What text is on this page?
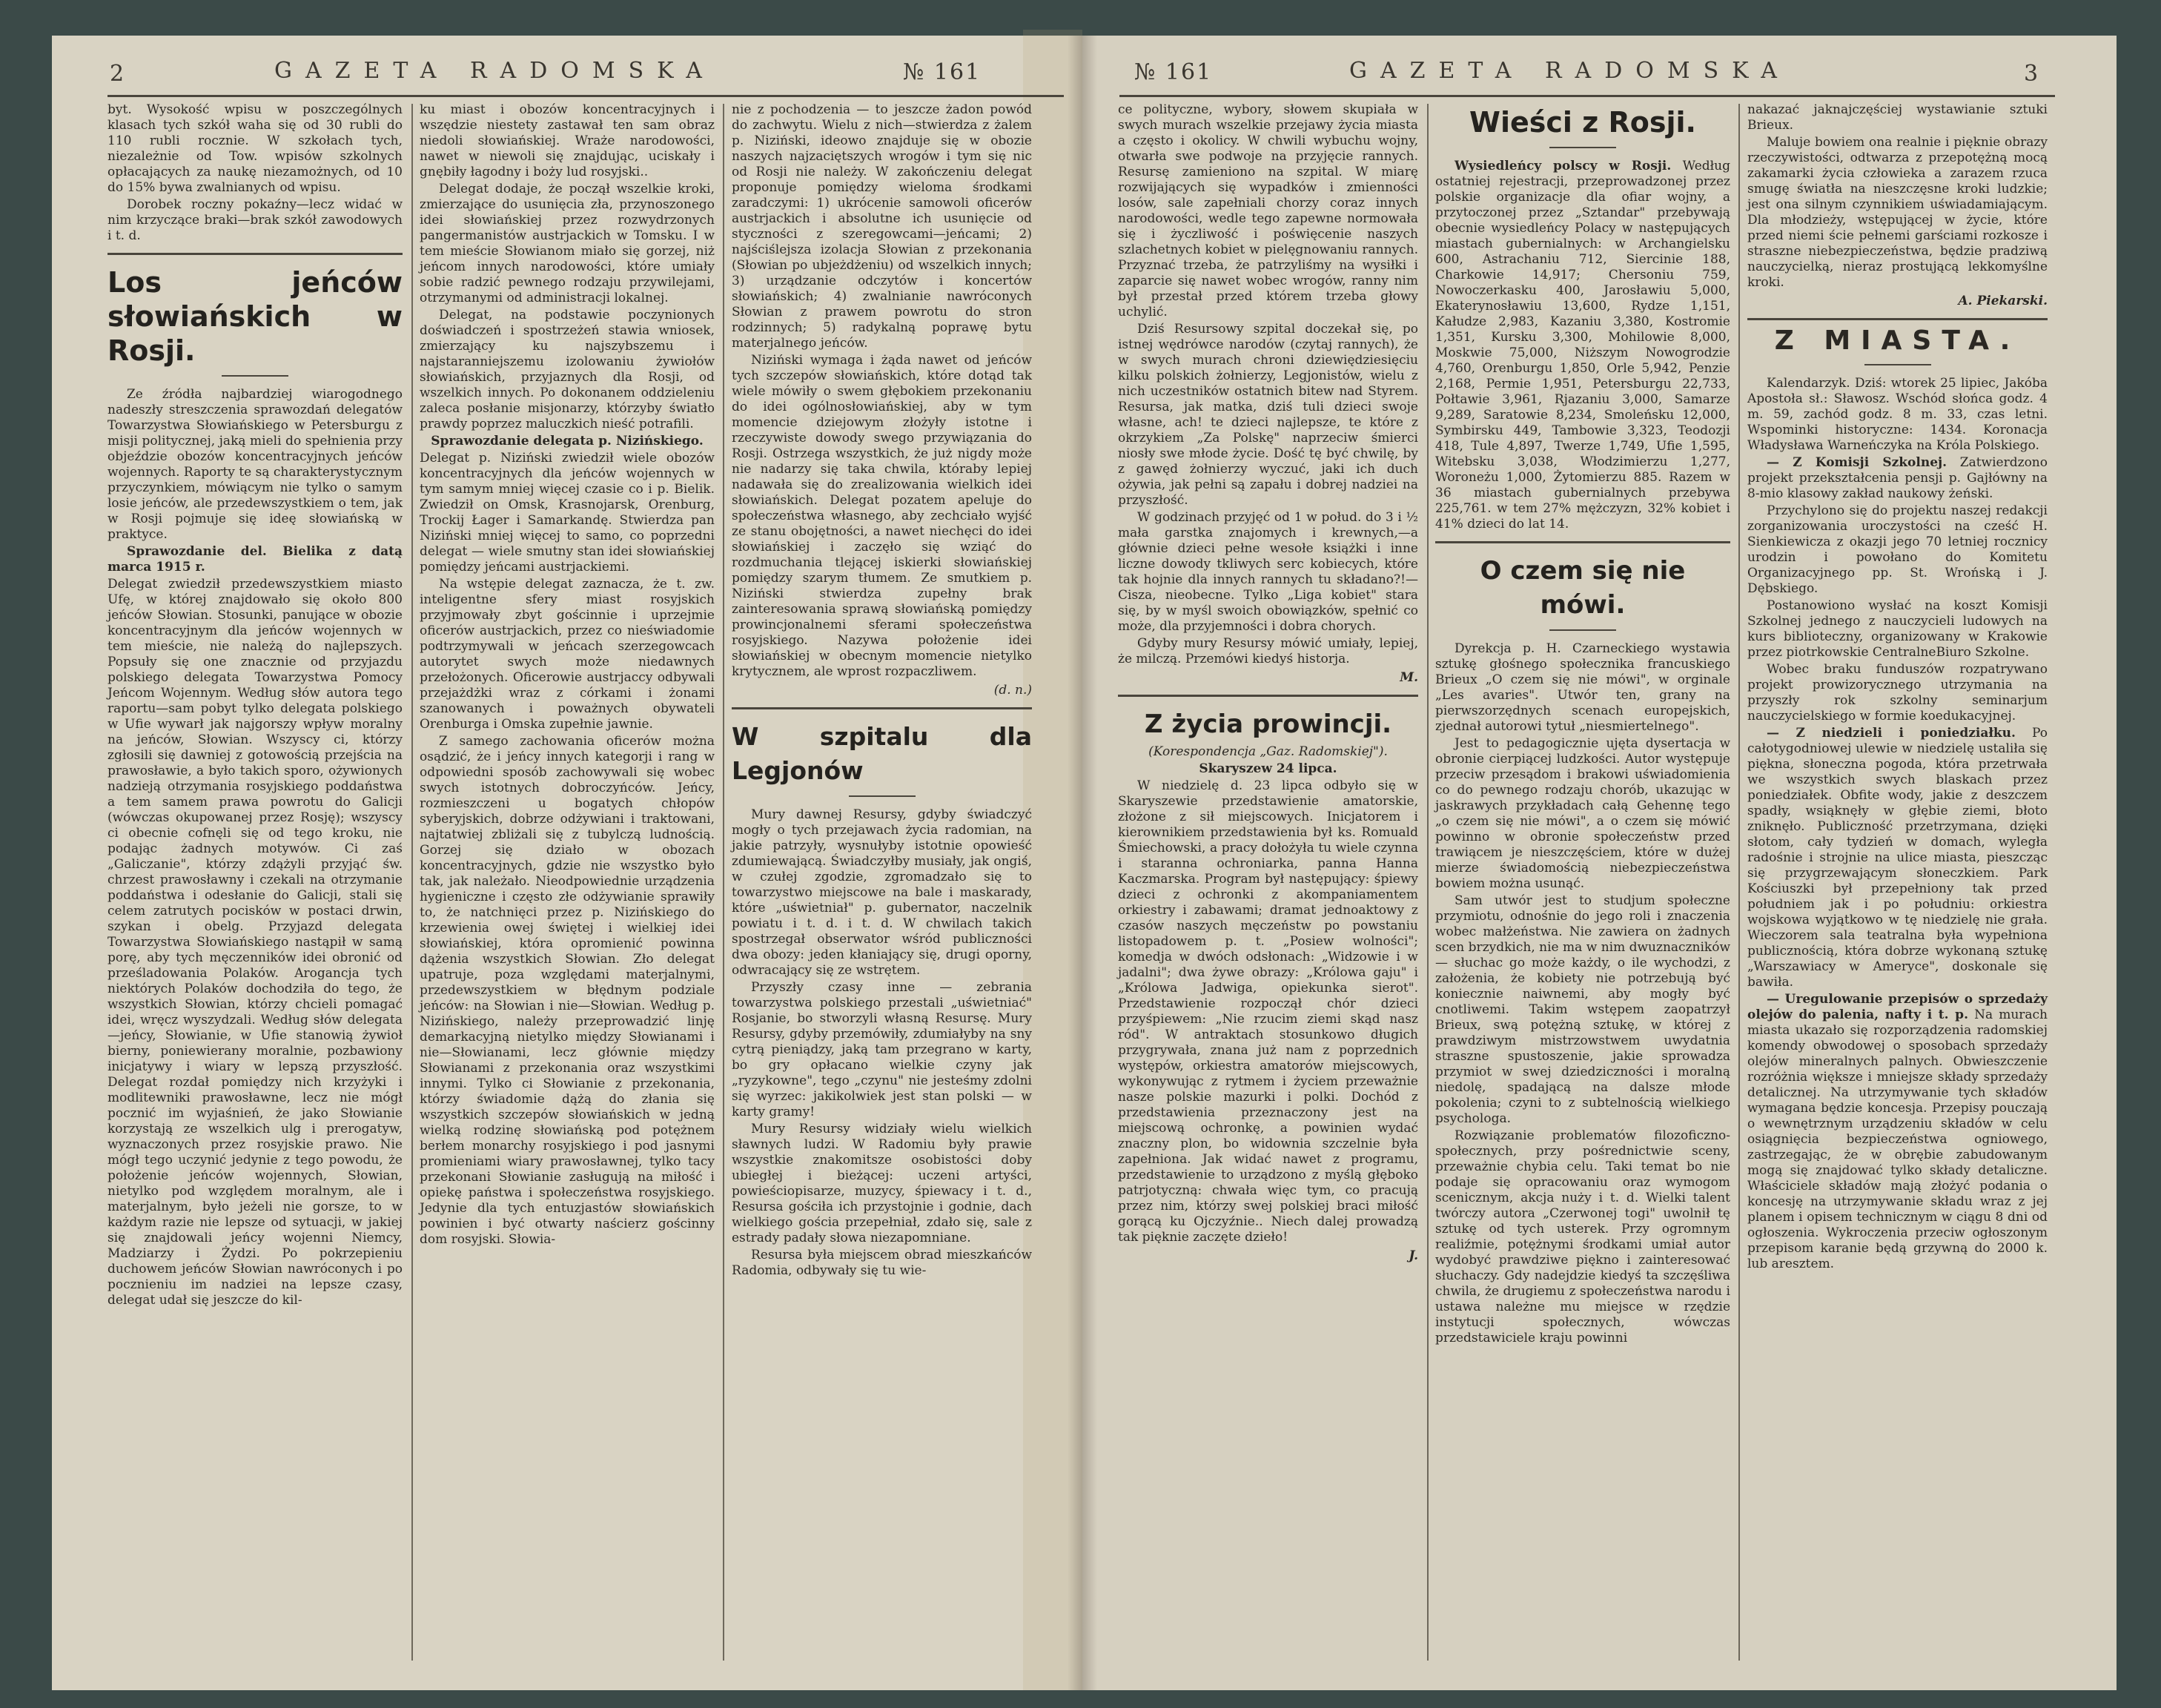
2	GAZETA RADOMSKA	№ 161	№ 161	GAZETA RADOMSKA	3

byt. Wysokość wpisu w poszczególnych klasach tych szkół waha się od 30 rubli do 110 rubli rocznie. W szkołach tych, niezależnie od Tow. wpisów szkolnych opłacających za naukę niezamożnych, od 10 do 15% bywa zwalnianych od wpisu.

Dorobek roczny pokaźny—lecz widać w nim krzyczące braki—brak szkół zawodowych i t. d.

Los jeńców słowiańskich w Rosji.

Ze źródła najbardziej wiarogodnego nadeszły streszczenia sprawozdań delegatów Towarzystwa Słowiańskiego w Petersburgu z misji politycznej, jaką mieli do spełnienia przy objeździe obozów koncentracyjnych jeńców wojennych. Raporty te są charakterystycznym przyczynkiem, mówiącym nie tylko o samym losie jeńców, ale przedewszystkiem o tem, jak w Rosji pojmuje się ideę słowiańską w praktyce.

Sprawozdanie del. Bielika z datą marca 1915 r.

Delegat zwiedził przedewszystkiem miasto Ufę, w której znajdowało się około 800 jeńców Słowian. Stosunki, panujące w obozie koncentracyjnym dla jeńców wojennych w tem mieście, nie należą do najlepszych. Popsuły się one znacznie od przyjazdu polskiego delegata Towarzystwa Pomocy Jeńcom Wojennym. Według słów autora tego raportu—sam pobyt tylko delegata polskiego w Ufie wywarł jak najgorszy wpływ moralny na jeńców, Słowian. Wszyscy ci, którzy zgłosili się dawniej z gotowością przejścia na prawosławie, a było takich sporo, ożywionych nadzieją otrzymania rosyjskiego poddaństwa a tem samem prawa powrotu do Galicji (wówczas okupowanej przez Rosję); wszyscy ci obecnie cofnęli się od tego kroku, nie podając żadnych motywów. Ci zaś „Galiczanie", którzy zdążyli przyjąć św. chrzest prawosławny i czekali na otrzymanie poddaństwa i odesłanie do Galicji, stali się celem zatrutych pocisków w postaci drwin, szykan i obelg. Przyjazd delegata Towarzystwa Słowiańskiego nastąpił w samą porę, aby tych męczenników idei obronić od prześladowania Polaków. Arogancja tych niektórych Polaków dochodziła do tego, że wszystkich Słowian, którzy chcieli pomagać idei, wręcz wyszydzali. Według słów delegata—jeńcy, Słowianie, w Ufie stanowią żywioł bierny, poniewierany moralnie, pozbawiony inicjatywy i wiary w lepszą przyszłość. Delegat rozdał pomiędzy nich krzyżyki i modlitewniki prawosławne, lecz nie mógł pocznić im wyjaśnień, że jako Słowianie korzystają ze wszelkich ulg i prerogatyw, wyznaczonych przez rosyjskie prawo. Nie mógł tego uczynić jedynie z tego powodu, że położenie jeńców wojennych, Słowian, nietylko pod względem moralnym, ale i materjalnym, było jeżeli nie gorsze, to w każdym razie nie lepsze od sytuacji, w jakiej się znajdowali jeńcy wojenni Niemcy, Madziarzy i Żydzi. Po pokrzepieniu duchowem jeńców Słowian nawróconych i po pocznieniu im nadziei na lepsze czasy, delegat udał się jeszcze do kil-

ku miast i obozów koncentracyjnych i wszędzie niestety zastawał ten sam obraz niedoli słowiańskiej. Wraże narodowości, nawet w niewoli się znajdując, uciskały i gnębiły łagodny i boży lud rosyjski..

Delegat dodaje, że począł wszelkie kroki, zmierzające do usunięcia zła, przynoszonego idei słowiańskiej przez rozwydrzonych pangermanistów austrjackich w Tomsku. I w tem mieście Słowianom miało się gorzej, niż jeńcom innych narodowości, które umiały sobie radzić pewnego rodzaju przywilejami, otrzymanymi od administracji lokalnej.

Delegat, na podstawie poczynionych doświadczeń i spostrzeżeń stawia wniosek, zmierzający ku najszybszemu i najstaranniejszemu izolowaniu żywiołów słowiańskich, przyjaznych dla Rosji, od wszelkich innych. Po dokonanem oddzieleniu zaleca posłanie misjonarzy, którzyby światło prawdy poprzez maluczkich nieść potrafili.

Sprawozdanie delegata p. Nizińskiego.

Delegat p. Niziński zwiedził wiele obozów koncentracyjnych dla jeńców wojennych w tym samym mniej więcej czasie co i p. Bielik. Zwiedził on Omsk, Krasnojarsk, Orenburg, Trockij Łager i Samarkandę. Stwierdza pan Niziński mniej więcej to samo, co poprzedni delegat — wiele smutny stan idei słowiańskiej pomiędzy jeńcami austrjackiemi.

Na wstępie delegat zaznacza, że t. zw. inteligentne sfery miast rosyjskich przyjmowały zbyt gościnnie i uprzejmie oficerów austrjackich, przez co nieświadomie podtrzymywali w jeńcach szerzegowcach autorytet swych może niedawnych przełożonych. Oficerowie austrjaccy odbywali przejażdżki wraz z córkami i żonami szanowanych i poważnych obywateli Orenburga i Omska zupełnie jawnie.

Z samego zachowania oficerów można osądzić, że i jeńcy innych kategorji i rang w odpowiedni sposób zachowywali się wobec swych istotnych dobroczyńców. Jeńcy, rozmieszczeni u bogatych chłopów syberyjskich, dobrze odżywiani i traktowani, najtatwiej zbliżali się z tubylczą ludnością. Gorzej się działo w obozach koncentracyjnych, gdzie nie wszystko było tak, jak należało. Nieodpowiednie urządzenia hygieniczne i często złe odżywianie sprawiły to, że natchnięci przez p. Nizińskiego do krzewienia owej świętej i wielkiej idei słowiańskiej, która opromienić powinna dążenia wszystkich Słowian. Zło delegat upatruje, poza względami materjalnymi, przedewszystkiem w błędnym podziale jeńców: na Słowian i nie—Słowian. Według p. Nizińskiego, należy przeprowadzić linję demarkacyjną nietylko między Słowianami i nie—Słowianami, lecz głównie między Słowianami z przekonania oraz wszystkimi innymi. Tylko ci Słowianie z przekonania, którzy świadomie dążą do złania się wszystkich szczepów słowiańskich w jedną wielką rodzinę słowiańską pod potężnem berłem monarchy rosyjskiego i pod jasnymi promieniami wiary prawosławnej, tylko tacy przekonani Słowianie zasługują na miłość i opiekę państwa i społeczeństwa rosyjskiego. Jedynie dla tych entuzjastów słowiańskich powinien i być otwarty naścierz gościnny dom rosyjski. Słowia-

nie z pochodzenia — to jeszcze żadon powód do zachwytu. Wielu z nich—stwierdza z żalem p. Niziński, ideowo znajduje się w obozie naszych najzaciętszych wrogów i tym się nic od Rosji nie należy. W zakończeniu delegat proponuje pomiędzy wieloma środkami zaradczymi: 1) ukrócenie samowoli oficerów austrjackich i absolutne ich usunięcie od styczności z szeregowcami—jeńcami; 2) najściślejsza izolacja Słowian z przekonania (Słowian po ubjeżdżeniu) od wszelkich innych; 3) urządzanie odczytów i koncertów słowiańskich; 4) zwalnianie nawróconych Słowian z prawem powrotu do stron rodzinnych; 5) radykalną poprawę bytu materjalnego jeńców.

Niziński wymaga i żąda nawet od jeńców tych szczepów słowiańskich, które dotąd tak wiele mówiły o swem głębokiem przekonaniu do idei ogólnosłowiańskiej, aby w tym momencie dziejowym złożyły istotne i rzeczywiste dowody swego przywiązania do Rosji. Ostrzega wszystkich, że już nigdy może nie nadarzy się taka chwila, któraby lepiej nadawała się do zrealizowania wielkich idei słowiańskich. Delegat pozatem apeluje do społeczeństwa własnego, aby zechciało wyjść ze stanu obojętności, a nawet niechęci do idei słowiańskiej i zaczęło się wziąć do rozdmuchania tlejącej iskierki słowiańskiej pomiędzy szarym tłumem. Ze smutkiem p. Niziński stwierdza zupełny brak zainteresowania sprawą słowiańską pomiędzy prowincjonalnemi sferami społeczeństwa rosyjskiego. Nazywa położenie idei słowiańskiej w obecnym momencie nietylko krytycznem, ale wprost rozpaczliwem.

(d. n.)
W szpitalu dla Legjonów

Mury dawnej Resursy, gdyby świadczyć mogły o tych przejawach życia radomian, na jakie patrzyły, wysnułyby istotnie opowieść zdumiewającą. Świadczyłby musiały, jak ongiś, w czułej zgodzie, zgromadzało się to towarzystwo miejscowe na bale i maskarady, które „uświetniał" p. gubernator, naczelnik powiatu i t. d. i t. d. W chwilach takich spostrzegał obserwator wśród publiczności dwa obozy: jeden kłaniający się, drugi oporny, odwracający się ze wstrętem.

Przyszły czasy inne — zebrania towarzystwa polskiego przestali „uświetniać" Rosjanie, bo stworzyli własną Resursę. Mury Resursy, gdyby przemówiły, zdumiałyby na sny cytrą pieniądzy, jaką tam przegrano w karty, bo gry opłacano wielkie czyny jak „ryzykowne", tego „czynu" nie jesteśmy zdolni się wyrzec: jakikolwiek jest stan polski — w karty gramy!

Mury Resursy widziały wielu wielkich sławnych ludzi. W Radomiu były prawie wszystkie znakomitsze osobistości doby ubiegłej i bieżącej: uczeni artyści, powieściopisarze, muzycy, śpiewacy i t. d., Resursa gościła ich przystojnie i godnie, dach wielkiego gościa przepełniał, zdało się, sale z estrady padały słowa niezapomniane.

Resursa była miejscem obrad mieszkańców Radomia, odbywały się tu wie-

ce polityczne, wybory, słowem skupiała w swych murach wszelkie przejawy życia miasta a często i okolicy. W chwili wybuchu wojny, otwarła swe podwoje na przyjęcie rannych. Resursę zamieniono na szpital. W miarę rozwijających się wypadków i zmienności losów, sale zapełniali chorzy coraz innych narodowości, wedle tego zapewne normowała się i życzliwość i poświęcenie naszych szlachetnych kobiet w pielęgnowaniu rannych. Przyznać trzeba, że patrzyliśmy na wysiłki i zaparcie się nawet wobec wrogów, ranny nim był przestał przed którem trzeba głowy uchylić.

Dziś Resursowy szpital doczekał się, po istnej wędrówce narodów (czytaj rannych), że w swych murach chroni dziewiędziesięciu kilku polskich żołnierzy, Legjonistów, wielu z nich uczestników ostatnich bitew nad Styrem. Resursa, jak matka, dziś tuli dzieci swoje własne, ach! te dzieci najlepsze, te które z okrzykiem „Za Polskę" naprzeciw śmierci niosły swe młode życie. Dość tę być chwilę, by z gawęd żołnierzy wyczuć, jaki ich duch ożywia, jak pełni są zapału i dobrej nadziei na przyszłość.

W godzinach przyjęć od 1 w połud. do 3 i ½ mała garstka znajomych i krewnych,—a głównie dzieci pełne wesołe książki i inne liczne dowody tkliwych serc kobiecych, które tak hojnie dla innych rannych tu składano?!—Cisza, nieobecne. Tylko „Liga kobiet" stara się, by w myśl swoich obowiązków, spełnić co może, dla przyjemności i dobra chorych.

Gdyby mury Resursy mówić umiały, lepiej, że milczą. Przemówi kiedyś historja.

M.
Z życia prowincji.

(Korespondencja „Gaz. Radomskiej").

Skaryszew 24 lipca.

W niedzielę d. 23 lipca odbyło się w Skaryszewie przedstawienie amatorskie, złożone z sił miejscowych. Inicjatorem i kierownikiem przedstawienia był ks. Romuald Śmiechowski, a pracy dołożyła tu wiele czynna i staranna ochroniarka, panna Hanna Kaczmarska. Program był następujący: śpiewy dzieci z ochronki z akompaniamentem orkiestry i zabawami; dramat jednoaktowy z czasów naszych męczeństw po powstaniu listopadowem p. t. „Posiew wolności"; komedja w dwóch odsłonach: „Widzowie i w jadalni"; dwa żywe obrazy: „Królowa gaju" i „Królowa Jadwiga, opiekunka sierot". Przedstawienie rozpoczął chór dzieci przyśpiewem: „Nie rzucim ziemi skąd nasz ród". W antraktach stosunkowo długich przygrywała, znana już nam z poprzednich występów, orkiestra amatorów miejscowych, wykonywując z rytmem i życiem przeważnie nasze polskie mazurki i polki. Dochód z przedstawienia przeznaczony jest na miejscową ochronkę, a powinien wydać znaczny plon, bo widownia szczelnie była zapełniona. Jak widać nawet z programu, przedstawienie to urządzono z myślą głęboko patrjotyczną: chwała więc tym, co pracują przez nim, którzy swej polskiej braci miłość gorącą ku Ojczyźnie.. Niech dalej prowadzą tak pięknie zaczęte dzieło!

J.
Wieści z Rosji.

Wysiedleńcy polscy w Rosji. Według ostatniej rejestracji, przeprowadzonej przez polskie organizacje dla ofiar wojny, a przytoczonej przez „Sztandar" przebywają obecnie wysiedleńcy Polacy w następujących miastach gubernialnych: w Archangielsku 600, Astrachaniu 712, Siercinie 188, Charkowie 14,917; Chersoniu 759, Nowoczerkasku 400, Jarosławiu 5,000, Ekaterynosławiu 13,600, Rydze 1,151, Kałudze 2,983, Kazaniu 3,380, Kostromie 1,351, Kursku 3,300, Mohilowie 8,000, Moskwie 75,000, Niższym Nowogrodzie 4,760, Orenburgu 1,850, Orle 5,942, Penzie 2,168, Permie 1,951, Petersburgu 22,733, Połtawie 3,961, Rjazaniu 3,000, Samarze 9,289, Saratowie 8,234, Smoleńsku 12,000, Symbirsku 449, Tambowie 3,323, Teodozji 418, Tule 4,897, Twerze 1,749, Ufie 1,595, Witebsku 3,038, Włodzimierzu 1,277, Woroneżu 1,000, Żytomierzu 885. Razem w 36 miastach gubernialnych przebywa 225,761. w tem 27% mężczyzn, 32% kobiet i 41% dzieci do lat 14.

O czem się nie mówi.

Dyrekcja p. H. Czarneckiego wystawia sztukę głośnego społecznika francuskiego Brieux „O czem się nie mówi", w orginale „Les avaries". Utwór ten, grany na pierwszorzędnych scenach europejskich, zjednał autorowi tytuł „niesmiertelnego".

Jest to pedagogicznie ujęta dysertacja w obronie cierpiącej ludzkości. Autor występuje przeciw przesądom i brakowi uświadomienia co do pewnego rodzaju chorób, ukazując w jaskrawych przykładach całą Gehennę tego „o czem się nie mówi", a o czem się mówić powinno w obronie społeczeństw przed trawiącem je nieszczęściem, które w dużej mierze świadomością niebezpieczeństwa bowiem można usunąć.

Sam utwór jest to studjum społeczne przymiotu, odnośnie do jego roli i znaczenia wobec małżeństwa. Nie zawiera on żadnych scen brzydkich, nie ma w nim dwuznaczników — słuchac go może każdy, o ile wychodzi, z założenia, że kobiety nie potrzebują być koniecznie naiwnemi, aby mogły być cnotliwemi. Takim wstępem zaopatrzył Brieux, swą potężną sztukę, w której z prawdziwym mistrzowstwem uwydatnia straszne spustoszenie, jakie sprowadza przymiot w swej dziedziczności i moralną niedolę, spadającą na dalsze młode pokolenia; czyni to z subtelnością wielkiego psychologa.

Rozwiązanie problematów filozoficzno-społecznych, przy pośrednictwie sceny, przeważnie chybia celu. Taki temat bo nie podaje się opracowaniu oraz wymogom scenicznym, akcja nuży i t. d. Wielki talent twórczy autora „Czerwonej togi" uwolnił tę sztukę od tych usterek. Przy ogromnym realiźmie, potężnymi środkami umiał autor wydobyć prawdziwe piękno i zainteresować słuchaczy. Gdy nadejdzie kiedyś ta szczęśliwa chwila, że drugiemu z społeczeństwa narodu i ustawa należne mu miejsce w rzędzie instytucji społecznych, wówczas przedstawiciele kraju powinni

nakazać jaknajczęściej wystawianie sztuki Brieux.

Maluje bowiem ona realnie i pięknie obrazy rzeczywistości, odtwarza z przepotężną mocą zakamarki życia człowieka a zarazem rzuca smugę światła na nieszczęsne kroki ludzkie; jest ona silnym czynnikiem uświadamiającym. Dla młodzieży, wstępującej w życie, które przed niemi ście pełnemi garściami rozkosze i straszne niebezpieczeństwa, będzie pradziwą nauczycielką, nieraz prostującą lekkomyślne kroki.

A. Piekarski.
Z MIASTA.

Kalendarzyk. Dziś: wtorek 25 lipiec, Jakóba Apostoła sł.: Sławosz. Wschód słońca godz. 4 m. 59, zachód godz. 8 m. 33, czas letni. Wspominki historyczne: 1434. Koronacja Władysława Warneńczyka na Króla Polskiego.

— Z Komisji Szkolnej. Zatwierdzono projekt przekształcenia pensji p. Gajłówny na 8-mio klasowy zakład naukowy żeński.

Przychylono się do projektu naszej redakcji zorganizowania uroczystości na cześć H. Sienkiewicza z okazji jego 70 letniej rocznicy urodzin i powołano do Komitetu Organizacyjnego pp. St. Wrońską i J. Dębskiego.

Postanowiono wysłać na koszt Komisji Szkolnej jednego z nauczycieli ludowych na kurs biblioteczny, organizowany w Krakowie przez piotrkowskie CentralneBiuro Szkolne.

Wobec braku funduszów rozpatrywano projekt prowizorycznego utrzymania na przyszły rok szkolny seminarjum nauczycielskiego w formie koedukacyjnej.

— Z niedzieli i poniedziałku. Po całotygodniowej ulewie w niedzielę ustaliła się piękna, słoneczna pogoda, która przetrwała we wszystkich swych blaskach przez poniedziałek. Obfite wody, jakie z deszczem spadły, wsiąknęły w głębie ziemi, błoto zniknęło. Publiczność przetrzymana, dzięki słotom, cały tydzień w domach, wyległa radośnie i strojnie na ulice miasta, pieszcząc się przygrzewającym słoneczkiem. Park Kościuszki był przepełniony tak przed południem jak i po południu: orkiestra wojskowa wyjątkowo w tę niedzielę nie grała. Wieczorem sala teatralna była wypełniona publicznością, która dobrze wykonaną sztukę „Warszawiacy w Ameryce", doskonale się bawiła.

— Uregulowanie przepisów o sprzedaży olejów do palenia, nafty i t. p. Na murach miasta ukazało się rozporządzenia radomskiej komendy obwodowej o sposobach sprzedaży olejów mineralnych palnych. Obwieszczenie rozróżnia większe i mniejsze składy sprzedaży detalicznej. Na utrzymywanie tych składów wymagana będzie koncesja. Przepisy pouczają o wewnętrznym urządzeniu składów w celu osiągnięcia bezpieczeństwa ogniowego, zastrzegając, że w obrębie zabudowanym mogą się znajdować tylko składy detaliczne. Właściciele składów mają złożyć podania o koncesję na utrzymywanie składu wraz z jej planem i opisem technicznym w ciągu 8 dni od ogłoszenia. Wykroczenia przeciw ogłoszonym przepisom karanie będą grzywną do 2000 k. lub aresztem.
